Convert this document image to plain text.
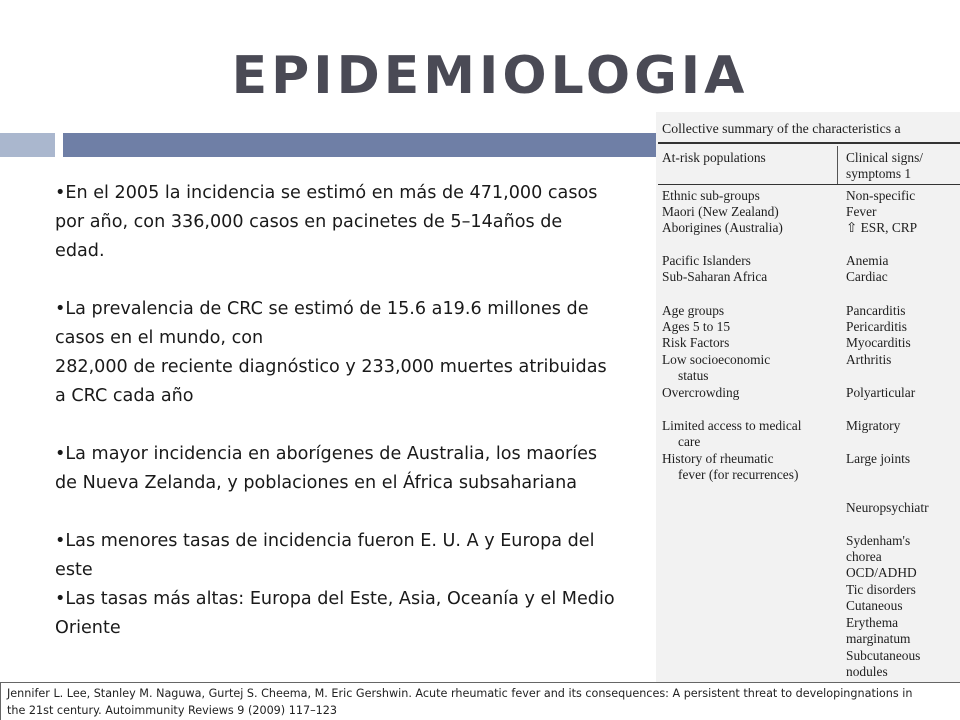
EPIDEMIOLOGIA

•En el 2005 la incidencia se estimó en más de 471,000 casos por año, con 336,000 casos en pacinetes de 5–14años de edad.

•La prevalencia de CRC se estimó de 15.6 a19.6 millones de casos en el mundo, con

282,000 de reciente diagnóstico y 233,000 muertes atribuidas a CRC cada año

•La mayor incidencia en aborígenes de Australia, los maoríes de Nueva Zelanda, y poblaciones en el África subsahariana

•Las menores tasas de incidencia fueron E. U. A y Europa del este

•Las tasas más altas: Europa del Este, Asia, Oceanía y el Medio Oriente

Collective summary of the characteristics a
At-risk populations	Clinical signs/
symptoms 1
Ethnic sub-groups
Maori (New Zealand)
Aborigines (Australia)
Pacific Islanders
Sub-Saharan Africa
Age groups
Ages 5 to 15
Risk Factors
Low socioeconomic
status
Overcrowding
Limited access to medical
care
History of rheumatic
fever (for recurrences)
Non-specific
Fever
⇧ ESR, CRP
Anemia
Cardiac
Pancarditis
Pericarditis
Myocarditis
Arthritis
Polyarticular
Migratory
Large joints
Neuropsychiatr
Sydenham's
chorea
OCD/ADHD
Tic disorders
Cutaneous
Erythema
marginatum
Subcutaneous
nodules
Jennifer L. Lee, Stanley M. Naguwa, Gurtej S. Cheema, M. Eric Gershwin. Acute rheumatic fever and its consequences: A persistent threat to developingnations in
the 21st century. Autoimmunity Reviews 9 (2009) 117–123
